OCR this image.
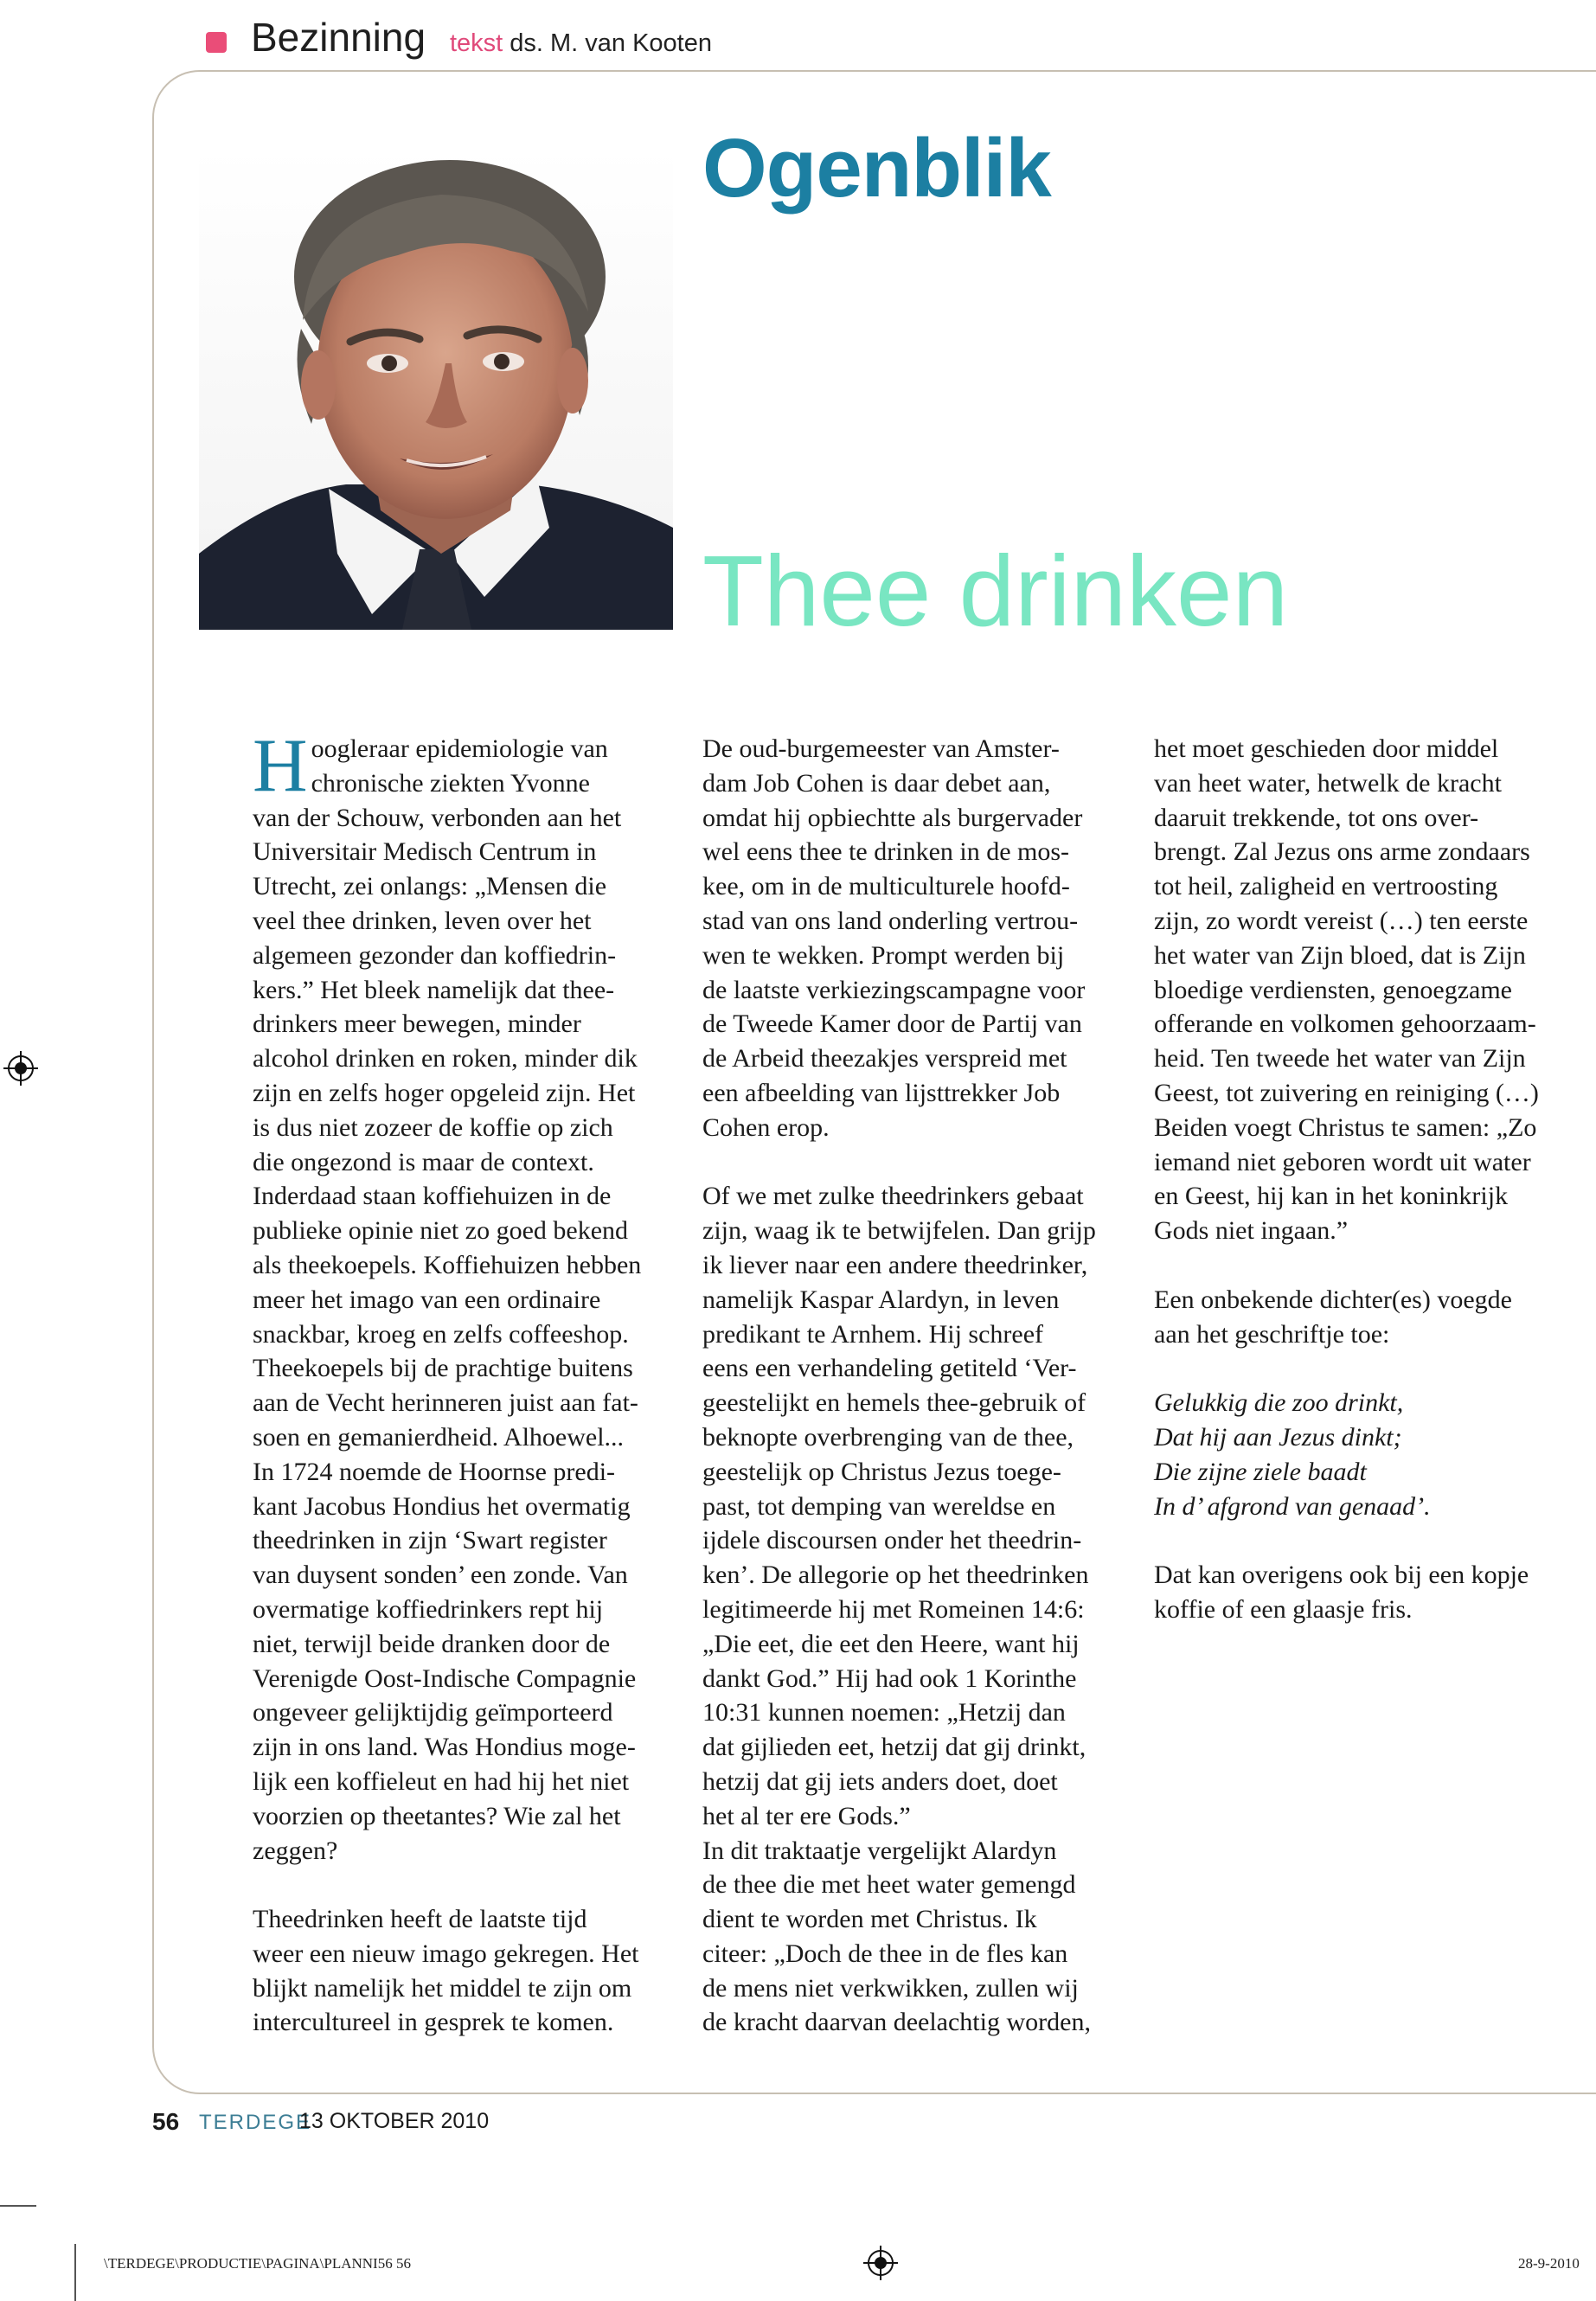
Bezinning tekst ds. M. van Kooten
Ogenblik
Thee drinken

Hoogleraar epidemiologie van
chronische ziekten Yvonne
van der Schouw, verbonden aan het
Universitair Medisch Centrum in
Utrecht, zei onlangs: „Mensen die
veel thee drinken, leven over het
algemeen gezonder dan koffiedrin-
kers.” Het bleek namelijk dat thee-
drinkers meer bewegen, minder
alcohol drinken en roken, minder dik
zijn en zelfs hoger opgeleid zijn. Het
is dus niet zozeer de koffie op zich
die ongezond is maar de context.
Inderdaad staan koffiehuizen in de
publieke opinie niet zo goed bekend
als theekoepels. Koffiehuizen hebben
meer het imago van een ordinaire
snackbar, kroeg en zelfs coffeeshop.
Theekoepels bij de prachtige buitens
aan de Vecht herinneren juist aan fat-
soen en gemanierdheid. Alhoewel...
In 1724 noemde de Hoornse predi-
kant Jacobus Hondius het overmatig
theedrinken in zijn ‘Swart register
van duysent sonden’ een zonde. Van
overmatige koffiedrinkers rept hij
niet, terwijl beide dranken door de
Verenigde Oost-Indische Compagnie
ongeveer gelijktijdig geïmporteerd
zijn in ons land. Was Hondius moge-
lijk een koffieleut en had hij het niet
voorzien op theetantes? Wie zal het
zeggen?

Theedrinken heeft de laatste tijd
weer een nieuw imago gekregen. Het
blijkt namelijk het middel te zijn om
intercultureel in gesprek te komen.

De oud-burgemeester van Amster-
dam Job Cohen is daar debet aan,
omdat hij opbiechtte als burgervader
wel eens thee te drinken in de mos-
kee, om in de multiculturele hoofd-
stad van ons land onderling vertrou-
wen te wekken. Prompt werden bij
de laatste verkiezingscampagne voor
de Tweede Kamer door de Partij van
de Arbeid theezakjes verspreid met
een afbeelding van lijsttrekker Job
Cohen erop.

Of we met zulke theedrinkers gebaat
zijn, waag ik te betwijfelen. Dan grijp
ik liever naar een andere theedrinker,
namelijk Kaspar Alardyn, in leven
predikant te Arnhem. Hij schreef
eens een verhandeling getiteld ‘Ver-
geestelijkt en hemels thee-gebruik of
beknopte overbrenging van de thee,
geestelijk op Christus Jezus toege-
past, tot demping van wereldse en
ijdele discoursen onder het theedrin-
ken’. De allegorie op het theedrinken
legitimeerde hij met Romeinen 14:6:
„Die eet, die eet den Heere, want hij
dankt God.” Hij had ook 1 Korinthe
10:31 kunnen noemen: „Hetzij dan
dat gijlieden eet, hetzij dat gij drinkt,
hetzij dat gij iets anders doet, doet
het al ter ere Gods.”

In dit traktaatje vergelijkt Alardyn
de thee die met heet water gemengd
dient te worden met Christus. Ik
citeer: „Doch de thee in de fles kan
de mens niet verkwikken, zullen wij
de kracht daarvan deelachtig worden,

het moet geschieden door middel
van heet water, hetwelk de kracht
daaruit trekkende, tot ons over-
brengt. Zal Jezus ons arme zondaars
tot heil, zaligheid en vertroosting
zijn, zo wordt vereist (…) ten eerste
het water van Zijn bloed, dat is Zijn
bloedige verdiensten, genoegzame
offerande en volkomen gehoorzaam-
heid. Ten tweede het water van Zijn
Geest, tot zuivering en reiniging (…)
Beiden voegt Christus te samen: „Zo
iemand niet geboren wordt uit water
en Geest, hij kan in het koninkrijk
Gods niet ingaan.”

Een onbekende dichter(es) voegde
aan het geschriftje toe:

Gelukkig die zoo drinkt,
Dat hij aan Jezus dinkt;
Die zijne ziele baadt
In d’ afgrond van genaad’.

Dat kan overigens ook bij een kopje
koffie of een glaasje fris.

56 TERDEGE
13 OKTOBER 2010
\TERDEGE\PRODUCTIE\PAGINA\PLANNI56 56	28-9-2010
